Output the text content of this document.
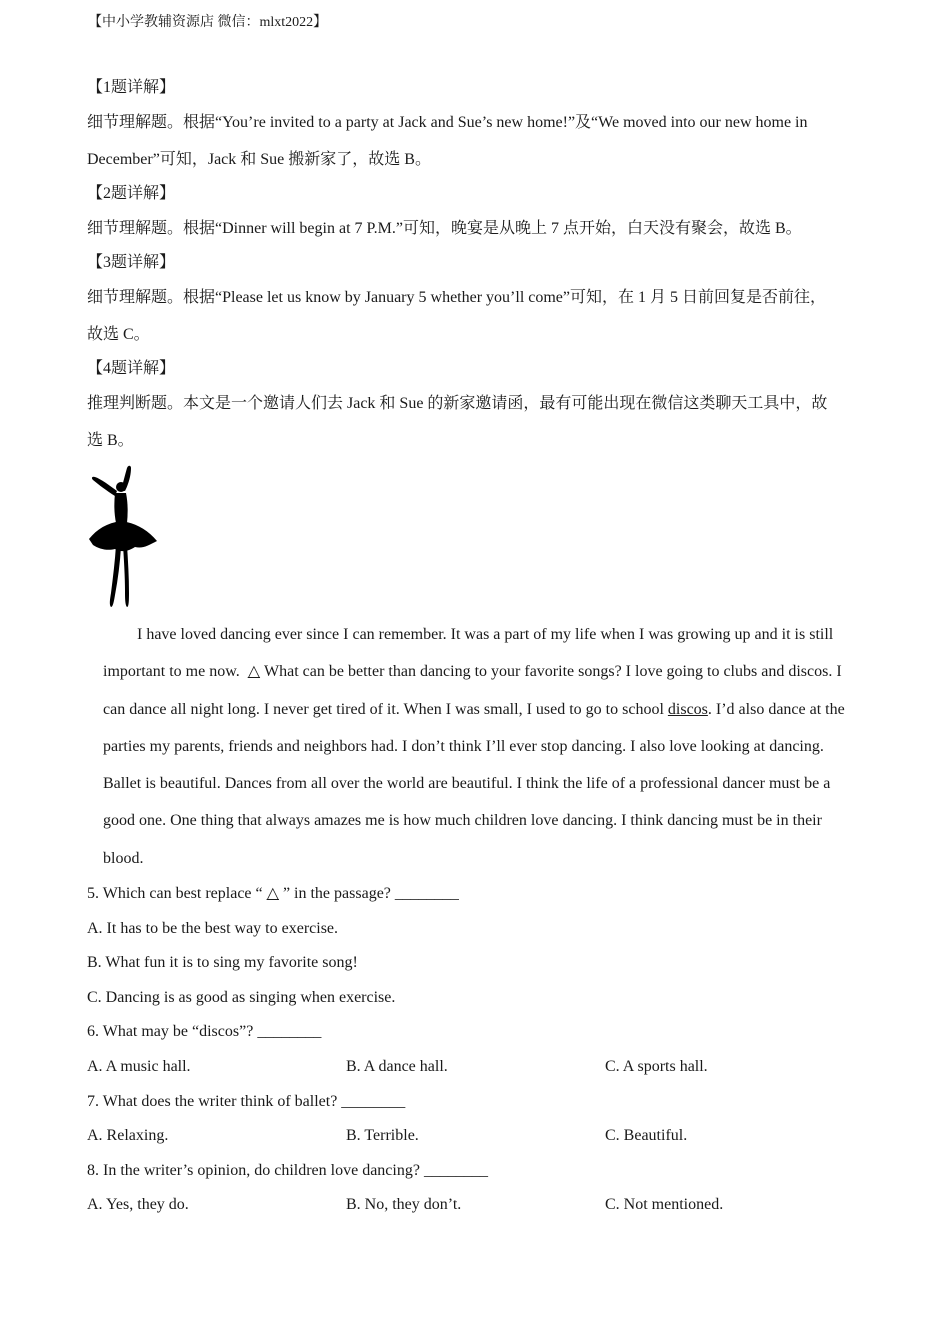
【中小学教辅资源店 微信：mlxt2022】
【1题详解】
细节理解题。根据“You’re invited to a party at Jack and Sue’s new home!”及“We moved into our new home in
December”可知，Jack 和 Sue 搬新家了，故选 B。
【2题详解】
细节理解题。根据“Dinner will begin at 7 P.M.”可知，晚宴是从晚上 7 点开始，白天没有聚会，故选 B。
【3题详解】
细节理解题。根据“Please let us know by January 5 whether you’ll come”可知，在 1 月 5 日前回复是否前往，
故选 C。
【4题详解】
推理判断题。本文是一个邀请人们去 Jack 和 Sue 的新家邀请函，最有可能出现在微信这类聊天工具中，故
选 B。
I have loved dancing ever since I can remember. It was a part of my life when I was growing up and it is still important to me now. △ What can be better than dancing to your favorite songs? I love going to clubs and discos. I can dance all night long. I never get tired of it. When I was small, I used to go to school discos. I’d also dance at the parties my parents, friends and neighbors had. I don’t think I’ll ever stop dancing. I also love looking at dancing. Ballet is beautiful. Dances from all over the world are beautiful. I think the life of a professional dancer must be a good one. One thing that always amazes me is how much children love dancing. I think dancing must be in their blood.
5. Which can best replace “ △ ” in the passage? ________
A. It has to be the best way to exercise.
B. What fun it is to sing my favorite song!
C. Dancing is as good as singing when exercise.
6. What may be “discos”? ________
A. A music hall.	B. A dance hall.	C. A sports hall.
7. What does the writer think of ballet? ________
A. Relaxing.	B. Terrible.	C. Beautiful.
8. In the writer’s opinion, do children love dancing? ________
A. Yes, they do.	B. No, they don’t.	C. Not mentioned.
